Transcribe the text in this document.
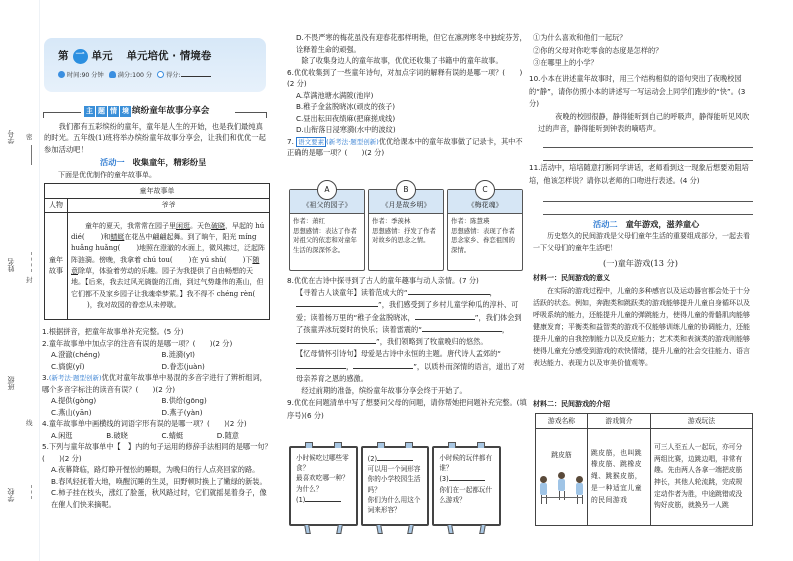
学号
姓名
班级
学校
密
封
线
第 一 单元 单元培优 · 情境卷
时间:90 分钟	满分:100 分	得分:
主 题 情 境 缤纷童年故事分享会

我们都有五彩缤纷的童年，童年是人生的开始，也是我们最纯真的时光。五年级(1)班将举办缤纷童年故事分享会，让我们和优优一起参加活动吧！

活动一 收集童年，精彩纷呈

下面是优优制作的童年故事单。

童年故事单	
人物	爷爷
童年故事	童年的夏天，我常常在园子里闲逛。天色破晓，早起的 hú dié( )和蜻蜓在花丛中翩翩起舞。到了晌午，阳光 míng huǎng huǎng( )地照在澄澈的水面上，微风拂过，泛起阵阵涟漪。傍晚，我拿着 chú tou( )在 yú shù( )下随意除草，体验着劳动的乐趣。园子为我提供了自由畅想的天地。【后来，我去过风光旖旎的江南，到过气势雄伟的燕山，但它们都不及家乡园子让我魂牵梦萦。】我不得不 chéng rèn()，我对故园的眷恋从未停歇。

1.根据拼音，把童年故事单补充完整。(5 分)

2.童年故事单中加点字的注音有误的是哪一项？(　　)(2 分)

A.澄澈(chéng)	B.涟漪(yī)
C.旖旎(yǐ)	D.眷恋(juàn)

3.(新考法·题型创新)优优对童年故事单中易混的多音字进行了辨析组词，哪个多音字标注的读音有误？(　　)(2 分)

A.提供(gòng)	B.供给(gōng)
C.燕山(yān)	D.燕子(yàn)

4.童年故事单中画横线的词语字形有误的是哪一项？(　　)(2 分)

A.闲逛	B.破晓	C.蜻蜓	D.随意

5.下列与童年故事单中【　】内的句子运用的修辞手法相同的是哪一句？(　　)(2 分)

A.夜幕降临，路灯睁开惺忪的睡眼，为晚归的行人点亮回家的路。

B.春风轻抚着大地，唤醒沉睡的生灵，田野顿时换上了嫩绿的新装。

C.柿子挂在枝头，涨红了脸蛋，秋风路过时，它们就摇晃着身子，像在催人们快来摘呢。

D.不畏严寒的梅花虽没有迎春花那样明艳，但它在凛冽寒冬中独绽芬芳，诠释着生命的顽强。

除了收集身边人的童年故事，优优还收集了书籍中的童年故事。

6.优优收集到了一些童年诗句，对加点字词的解释有误的是哪一项？(　　)(2 分)

A.草满池塘水满陂(池岸)

B.稚子金盆脱晓冰(顽皮的孩子)

C.昼出耘田夜绩麻(把麻搓成线)

D.山衔落日浸寒漪(水中的波纹)

7. 语文要素 (新考法·题型创新)优优给课本中的童年故事做了记录卡，其中不正确的是哪一项？(　　)(2 分)

A
《祖父的园子》
作者：萧红
思想感情：表达了作者对祖父的依恋和对童年生活的深深怀念。
B
《月是故乡明》
作者：季羡林
思想感情：抒发了作者对故乡的思念之情。
C
《梅花魂》
作者：陈慧瑛
思想感情：表现了作者思念家乡、眷恋祖国的深情。

8.优优在古诗中探寻到了古人的童年趣事与动人亲情。(7 分)

【寻着古人谈童年】读着范成大的“	，”，我们感受到了乡村儿童学种瓜的淳朴、可爱；读着杨万里的“稚子金盆脱晓冰，	”，我们体会到了孩童弄冰玩耍时的快乐；读着雷震的“	，”，我们领略到了牧童晚归的悠然。

【忆母情怀引诗句】母爱是古诗中永恒的主题。唐代诗人孟郊的“，	”，以质朴而深情的语言，道出了对母亲养育之恩的感激。

经过前期的准备，缤纷童年故事分享会终于开始了。

9.优优在问题清单中写了想要问父母的问题，请你帮她把问题补充完整。(填序号)(6 分)

小时候吃过哪些零食？
最喜欢吃哪一种？为什么？
(1)
(2)
可以用一个词形容你的小学校园生活吗？
你们为什么用这个词来形容？
小时候的玩伴都有谁？
(3)
你们在一起都玩什么游戏？

①为什么喜欢和他们一起玩？

②你的父母对你吃零食的态度是怎样的？

③在哪里上的小学？

10.小本在讲述童年故事时，用三个结构相似的语句突出了夜晚校园的“静”，请你仿照小本的讲述写一写运动会上同学们跑步的“快”。(3 分)

夜晚的校园很静，静得能听到自己的呼吸声，静得能听见风吹过的声音，静得能听到钟表的嘀嗒声。

11.活动中，培培随意打断同学讲话，老师看到这一现象后想要劝阻培培，他该怎样说？请你以老师的口吻进行表述。(4 分)
活动二 童年游戏，滋养童心

历史悠久的民间游戏是父母们童年生活的重要组成部分，一起去看一下父母们的童年生活吧！

(一)童年游戏(13 分)

材料一：民间游戏的意义

在实际的游戏过程中，儿童的多种感官以及运动器官都会处于十分活跃的状态。例如，奔跑类和跳跃类的游戏能够提升儿童自身循环以及呼吸系统的能力，还能提升儿童的弹跳能力，使得儿童的骨骼肌肉能够健康发育；平衡类和益智类的游戏不仅能够训练儿童的协调能力，还能提升儿童的自我控制能力以及反应能力；艺术类和表演类的游戏则能够使得儿童充分感受到游戏的欢快情绪，提升儿童的社会交往能力、语言表达能力、表现力以及审美价值观等。

材料二：民间游戏的介绍

游戏名称	游戏简介	游戏玩法

跳皮筋	跳皮筋，也叫跳橡皮筋、跳橡皮绳、跳猴皮筋，是一种适宜儿童的民间游戏	可三人至五人一起玩，亦可分两组比赛，边跳边唱，非常有趣。先由两人各拿一端把皮筋抻长，其他人轮流跳，完成规定动作者为胜，中途跳错或没钩好皮筋，就换另一人跳
